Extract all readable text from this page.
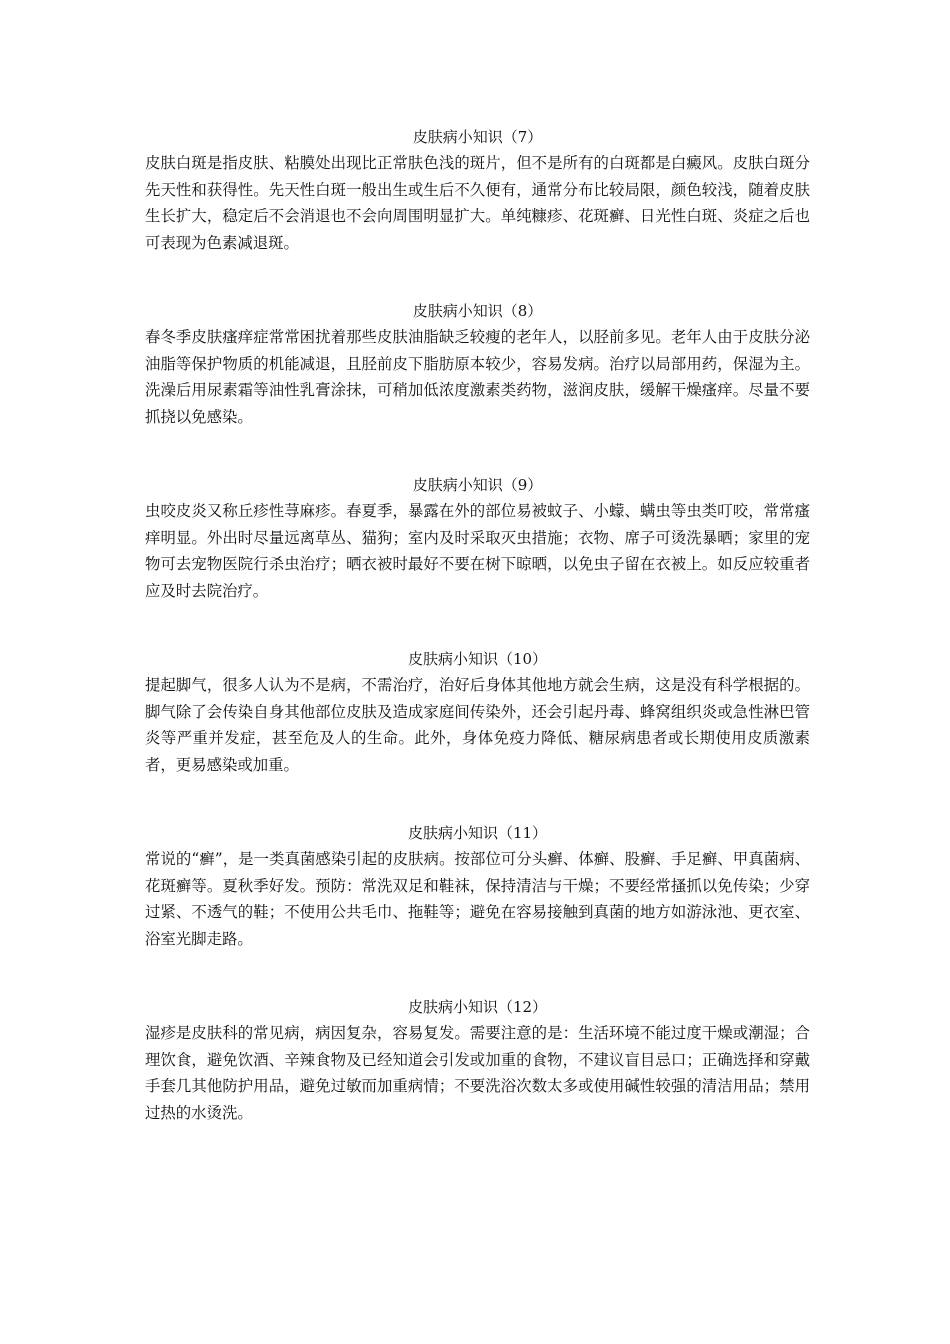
皮肤病小知识（7）

皮肤白斑是指皮肤、粘膜处出现比正常肤色浅的斑片，但不是所有的白斑都是白癜风。皮肤白斑分先天性和获得性。先天性白斑一般出生或生后不久便有，通常分布比较局限，颜色较浅，随着皮肤生长扩大，稳定后不会消退也不会向周围明显扩大。单纯糠疹、花斑癣、日光性白斑、炎症之后也可表现为色素减退斑。

皮肤病小知识（8）

春冬季皮肤瘙痒症常常困扰着那些皮肤油脂缺乏较瘦的老年人，以胫前多见。老年人由于皮肤分泌油脂等保护物质的机能减退，且胫前皮下脂肪原本较少，容易发病。治疗以局部用药，保湿为主。洗澡后用尿素霜等油性乳膏涂抹，可稍加低浓度激素类药物，滋润皮肤，缓解干燥瘙痒。尽量不要抓挠以免感染。

皮肤病小知识（9）

虫咬皮炎又称丘疹性荨麻疹。春夏季，暴露在外的部位易被蚊子、小蠓、螨虫等虫类叮咬，常常瘙痒明显。外出时尽量远离草丛、猫狗；室内及时采取灭虫措施；衣物、席子可烫洗暴晒；家里的宠物可去宠物医院行杀虫治疗；晒衣被时最好不要在树下晾晒，以免虫子留在衣被上。如反应较重者应及时去院治疗。

皮肤病小知识（10）

提起脚气，很多人认为不是病，不需治疗，治好后身体其他地方就会生病，这是没有科学根据的。脚气除了会传染自身其他部位皮肤及造成家庭间传染外，还会引起丹毒、蜂窝组织炎或急性淋巴管炎等严重并发症，甚至危及人的生命。此外，身体免疫力降低、糖尿病患者或长期使用皮质激素者，更易感染或加重。

皮肤病小知识（11）

常说的“癣”，是一类真菌感染引起的皮肤病。按部位可分头癣、体癣、股癣、手足癣、甲真菌病、花斑癣等。夏秋季好发。预防：常洗双足和鞋袜，保持清洁与干燥；不要经常搔抓以免传染；少穿过紧、不透气的鞋；不使用公共毛巾、拖鞋等；避免在容易接触到真菌的地方如游泳池、更衣室、浴室光脚走路。

皮肤病小知识（12）

湿疹是皮肤科的常见病，病因复杂，容易复发。需要注意的是：生活环境不能过度干燥或潮湿；合理饮食，避免饮酒、辛辣食物及已经知道会引发或加重的食物，不建议盲目忌口；正确选择和穿戴手套几其他防护用品，避免过敏而加重病情；不要洗浴次数太多或使用碱性较强的清洁用品；禁用过热的水烫洗。
